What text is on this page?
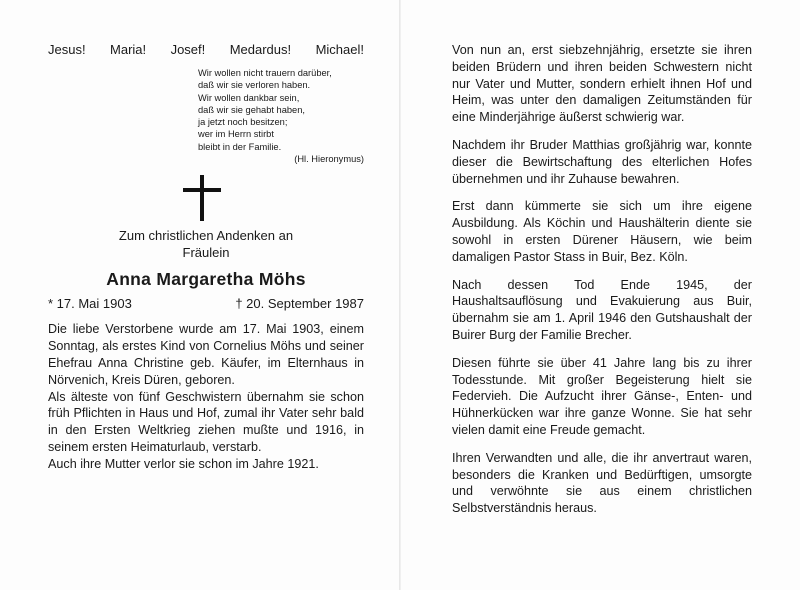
Jesus! Maria! Josef! Medardus! Michael!
Wir wollen nicht trauern darüber,
daß wir sie verloren haben.
Wir wollen dankbar sein,
daß wir sie gehabt haben,
ja jetzt noch besitzen;
wer im Herrn stirbt
bleibt in der Familie.
(Hl. Hieronymus)
Zum christlichen Andenken an
Fräulein
Anna Margaretha Möhs
* 17. Mai 1903	† 20. September 1987

Die liebe Verstorbene wurde am 17. Mai 1903, einem Sonntag, als erstes Kind von Cornelius Möhs und seiner Ehefrau Anna Christine geb. Käufer, im Elternhaus in Nörvenich, Kreis Düren, geboren.

Als älteste von fünf Geschwistern übernahm sie schon früh Pflichten in Haus und Hof, zumal ihr Vater sehr bald in den Ersten Weltkrieg ziehen mußte und 1916, in seinem ersten Heimaturlaub, verstarb.

Auch ihre Mutter verlor sie schon im Jahre 1921.

Von nun an, erst siebzehnjährig, ersetzte sie ihren beiden Brüdern und ihren beiden Schwestern nicht nur Vater und Mutter, sondern erhielt ihnen Hof und Heim, was unter den damaligen Zeitumständen für eine Minderjährige äußerst schwierig war.

Nachdem ihr Bruder Matthias großjährig war, konnte dieser die Bewirtschaftung des elterlichen Hofes übernehmen und ihr Zuhause bewahren.

Erst dann kümmerte sie sich um ihre eigene Ausbildung. Als Köchin und Haushälterin diente sie sowohl in ersten Dürener Häusern, wie beim damaligen Pastor Stass in Buir, Bez. Köln.

Nach dessen Tod Ende 1945, der Haushaltsauflösung und Evakuierung aus Buir, übernahm sie am 1. April 1946 den Gutshaushalt der Buirer Burg der Familie Brecher.

Diesen führte sie über 41 Jahre lang bis zu ihrer Todesstunde. Mit großer Begeisterung hielt sie Federvieh. Die Aufzucht ihrer Gänse-, Enten- und Hühnerkücken war ihre ganze Wonne. Sie hat sehr vielen damit eine Freude gemacht.

Ihren Verwandten und alle, die ihr anvertraut waren, besonders die Kranken und Bedürftigen, umsorgte und verwöhnte sie aus einem christlichen Selbstverständnis heraus.
